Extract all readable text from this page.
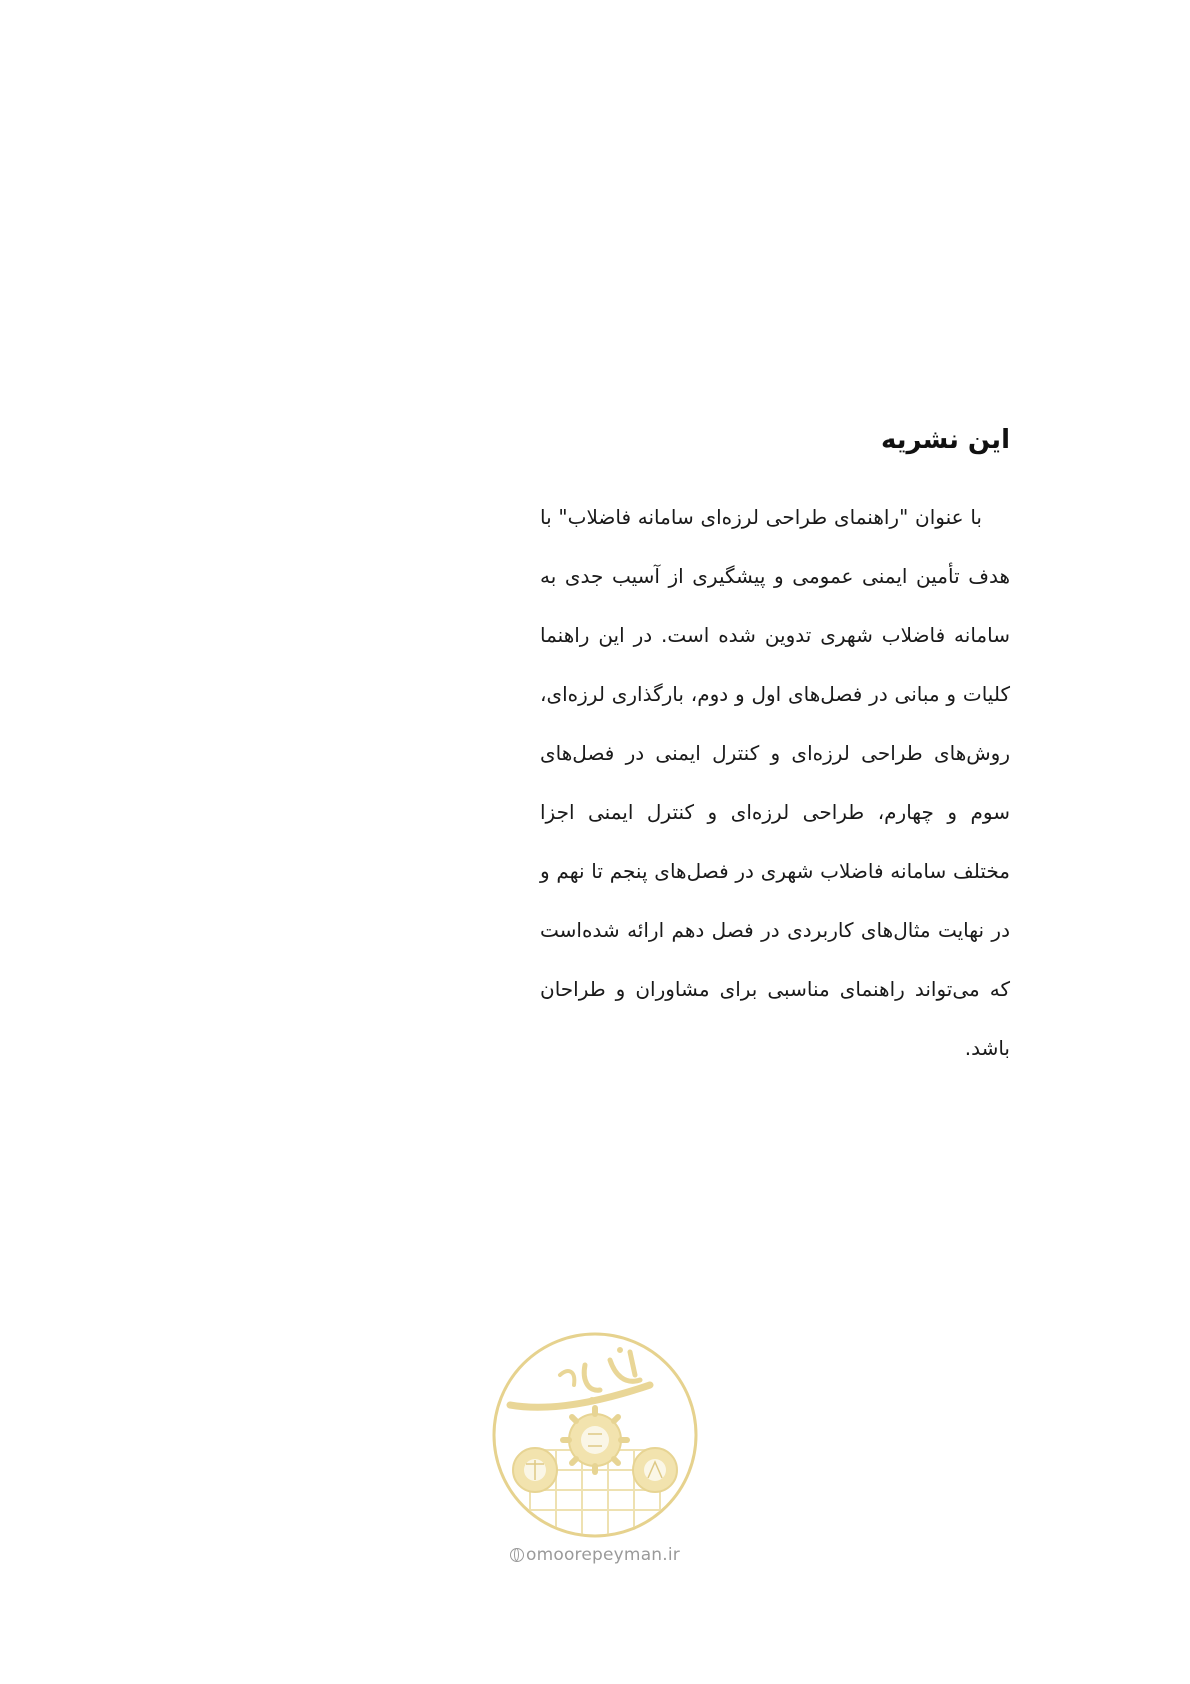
این نشریه

با عنوان "راهنمای طراحی لرزه‌ای سامانه فاضلاب" با هدف تأمین ایمنی عمومی و پیشگیری از آسیب جدی به سامانه فاضلاب شهری تدوین شده است. در این راهنما کلیات و مبانی در فصل‌های اول و دوم، بارگذاری لرزه‌ای، روش‌های طراحی لرزه‌ای و کنترل ایمنی در فصل‌های سوم و چهارم، طراحی لرزه‌ای و کنترل ایمنی اجزا مختلف سامانه فاضلاب شهری در فصل‌های پنجم تا نهم و در نهایت مثال‌های کاربردی در فصل دهم ارائه شده‌است که می‌تواند راهنمای مناسبی برای مشاوران و طراحان باشد.

omoorepeyman.ir
